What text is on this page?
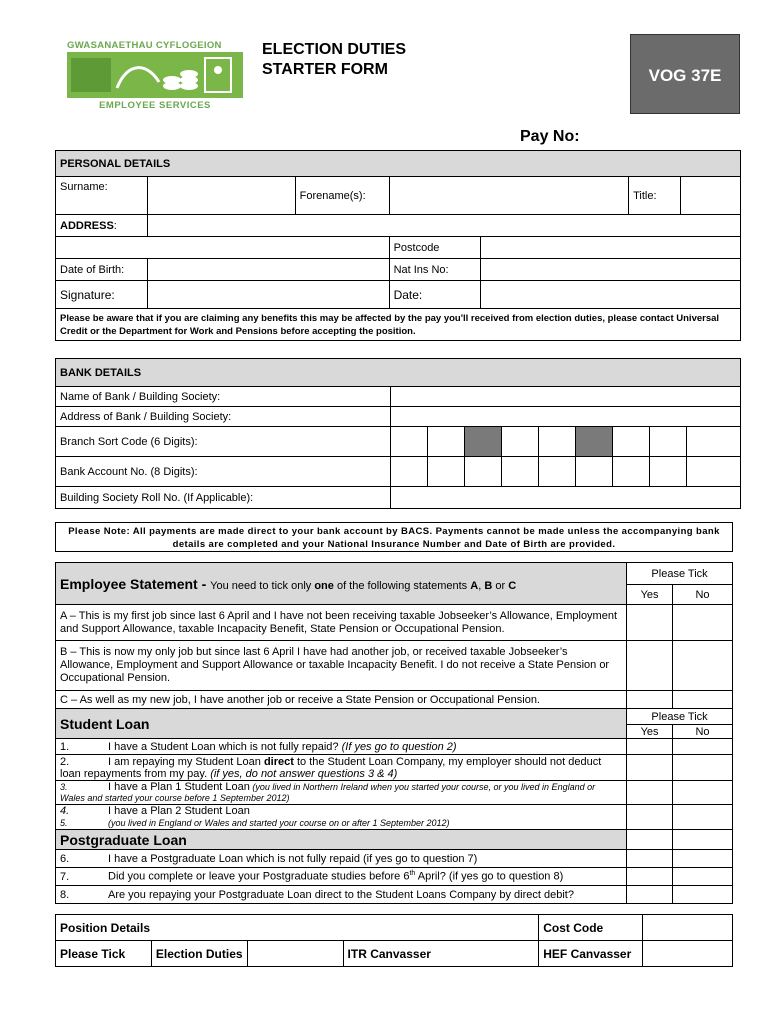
GWASANAETHAU CYFLOGEION
EMPLOYEE SERVICES
ELECTION DUTIES
STARTER FORM	VOG 37E
Pay No:
PERSONAL DETAILS						
Surname:		Forename(s):			Title:	
ADDRESS:						
			Postcode			
Date of Birth:			Nat Ins No:			
Signature:			Date:			
Please be aware that if you are claiming any benefits this may be affected by the pay you'll received from election duties, please contact Universal Credit or the Department for Work and Pensions before accepting the position.						
BANK DETAILS									
Name of Bank / Building Society:									
Address of Bank / Building Society:									
Branch Sort Code (6 Digits):									
Bank Account No. (8 Digits):									
Building Society Roll No. (If Applicable):									
Please Note: All payments are made direct to your bank account by BACS. Payments cannot be made unless the accompanying bank details are completed and your National Insurance Number and Date of Birth are provided.
Employee Statement - You need to tick only one of the following statements A, B or C	Please Tick	
	Yes	No
A – This is my first job since last 6 April and I have not been receiving taxable Jobseeker’s Allowance, Employment and Support Allowance, taxable Incapacity Benefit, State Pension or Occupational Pension.		
B – This is now my only job but since last 6 April I have had another job, or received taxable Jobseeker’s Allowance, Employment and Support Allowance or taxable Incapacity Benefit. I do not receive a State Pension or Occupational Pension.		
C – As well as my new job, I have another job or receive a State Pension or Occupational Pension.		
Student Loan	Please Tick	
	Yes	No
1. I have a Student Loan which is not fully repaid? (If yes go to question 2)		
2. I am repaying my Student Loan direct to the Student Loan Company, my employer should not deduct loan repayments from my pay. (if yes, do not answer questions 3 & 4)		
3. I have a Plan 1 Student Loan (you lived in Northern Ireland when you started your course, or you lived in England or Wales and started your course before 1 September 2012)		

4. I have a Plan 2 Student Loan
5. (you lived in England or Wales and started your course on or after 1 September 2012)		

Postgraduate Loan		
6. I have a Postgraduate Loan which is not fully repaid (if yes go to question 7)		
7. Did you complete or leave your Postgraduate studies before 6th April? (if yes go to question 8)		
8. Are you repaying your Postgraduate Loan direct to the Student Loans Company by direct debit?		
Position Details				Cost Code	
Please Tick	Election Duties		ITR Canvasser	HEF Canvasser	
